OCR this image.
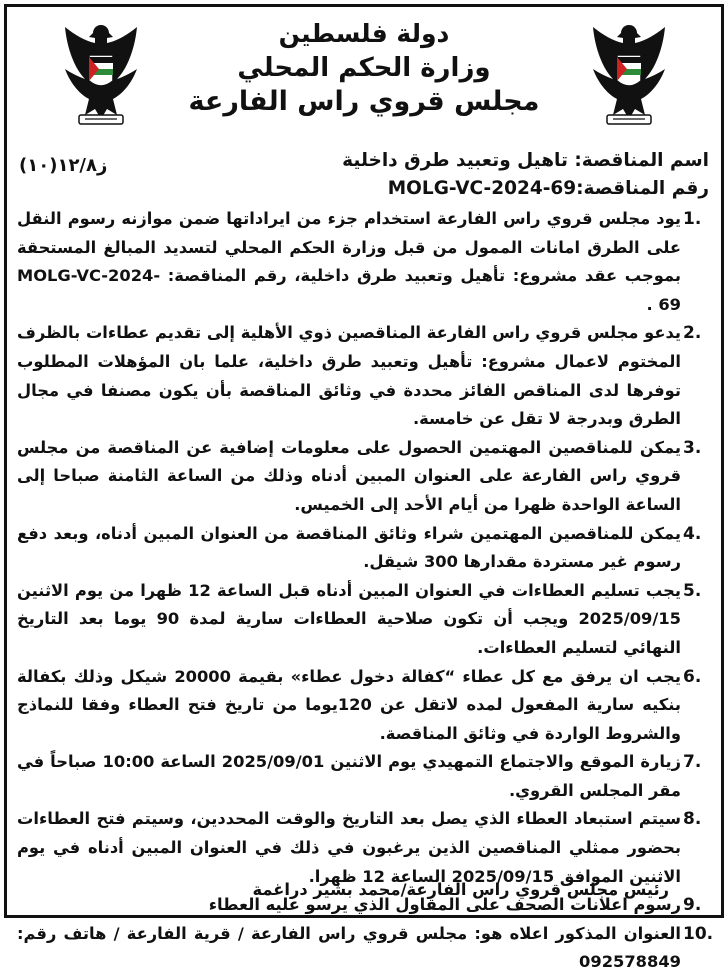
دولة فلسطين
وزارة الحكم المحلي
مجلس قروي راس الفارعة
ز١٢/٨(١٠)	اسم المناقصة: تاهيل وتعبيد طرق داخلية
رقم المناقصة:MOLG-VC-2024-69
1.
يود مجلس قروي راس الفارعة استخدام جزء من ايراداتها ضمن موازنه رسوم النقل على الطرق امانات الممول من قبل وزارة الحكم المحلي لتسديد المبالغ المستحقة بموجب عقد مشروع: تأهيل وتعبيد طرق داخلية، رقم المناقصة: MOLG-VC-2024-69 .
2.
يدعو مجلس قروي راس الفارعة المناقصين ذوي الأهلية إلى تقديم عطاءات بالظرف المختوم لاعمال مشروع: تأهيل وتعبيد طرق داخلية، علما بان المؤهلات المطلوب توفرها لدى المناقص الفائز محددة في وثائق المناقصة بأن يكون مصنفا في مجال الطرق وبدرجة لا تقل عن خامسة.
3.
يمكن للمناقصين المهتمين الحصول على معلومات إضافية عن المناقصة من مجلس قروي راس الفارعة على العنوان المبين أدناه وذلك من الساعة الثامنة صباحا إلى الساعة الواحدة ظهرا من أيام الأحد إلى الخميس.
4.
يمكن للمناقصين المهتمين شراء وثائق المناقصة من العنوان المبين أدناه، وبعد دفع رسوم غير مستردة مقدارها 300 شيقل.
5.
يجب تسليم العطاءات في العنوان المبين أدناه قبل الساعة 12 ظهرا من يوم الاثنين 2025/09/15 ويجب أن تكون صلاحية العطاءات سارية لمدة 90 يوما بعد التاريخ النهائي لتسليم العطاءات.
6.
يجب ان يرفق مع كل عطاء “كفالة دخول عطاء» بقيمة 20000 شيكل وذلك بكفالة بنكيه سارية المفعول لمده لاتقل عن 120يوما من تاريخ فتح العطاء وفقا للنماذج والشروط الواردة في وثائق المناقصة.
7.
زيارة الموقع والاجتماع التمهيدي يوم الاثنين 2025/09/01 الساعة 10:00 صباحاً في مقر المجلس القروي.
8.
سيتم استبعاد العطاء الذي يصل بعد التاريخ والوقت المحددين، وسيتم فتح العطاءات بحضور ممثلي المناقصين الذين يرغبون في ذلك في العنوان المبين أدناه في يوم الاثنين الموافق 2025/09/15 الساعة 12 ظهرا.
9.
رسوم اعلانات الصحف على المقاول الذي يرسو عليه العطاء
10.
العنوان المذكور اعلاه هو: مجلس قروي راس الفارعة / قرية الفارعة / هاتف رقم: 092578849
رئيس مجلس قروي راس الفارعة/محمد بشير دراغمة
